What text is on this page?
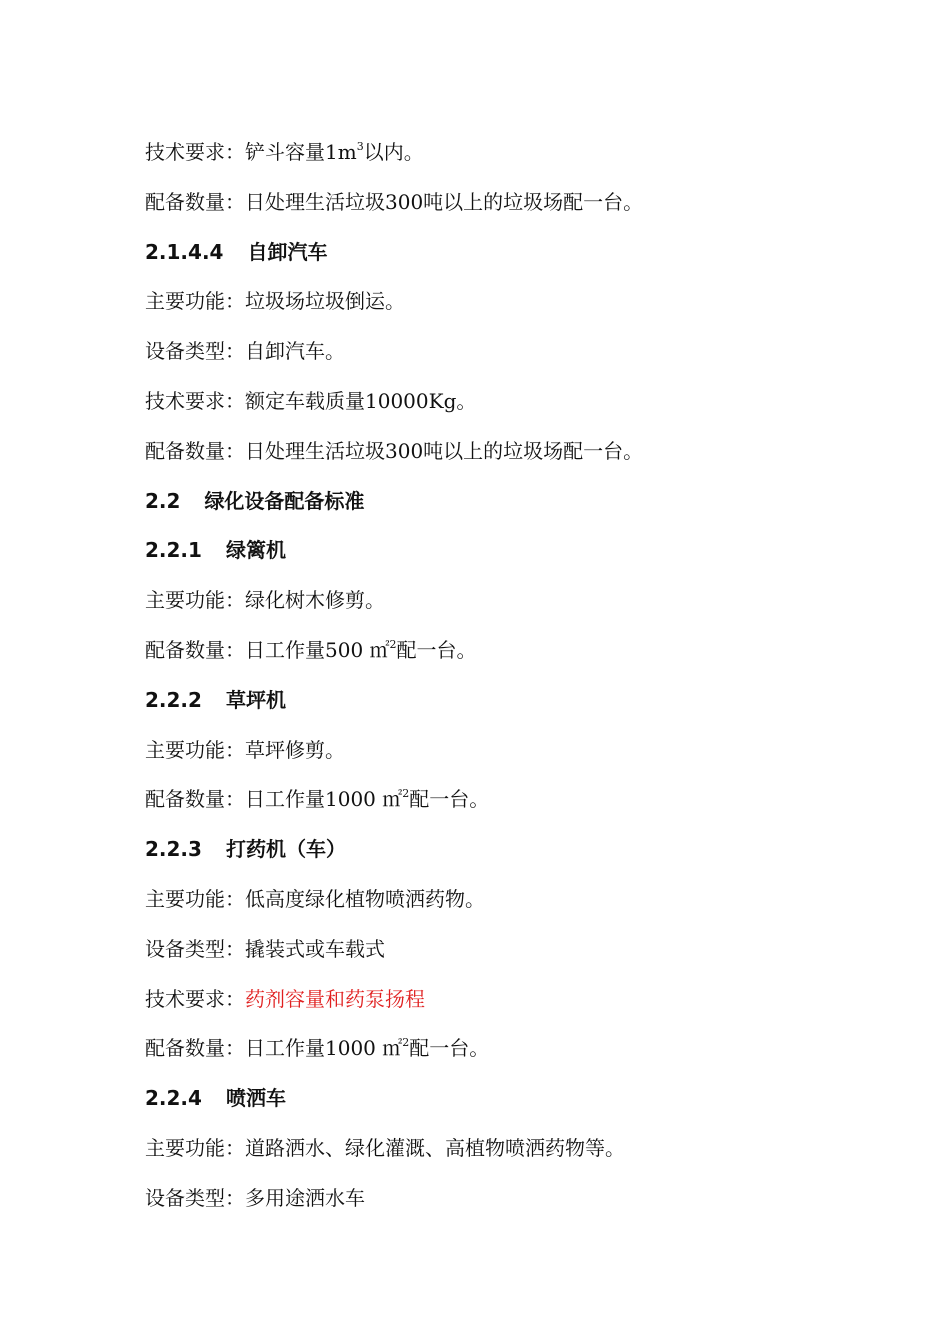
技术要求：铲斗容量$1m^3$以内。
配备数量：日处理生活垃圾300吨以上的垃圾场配一台。
2.1.4.4 自卸汽车
主要功能：垃圾场垃圾倒运。
设备类型：自卸汽车。
技术要求：额定车载质量10000Kg。
配备数量：日处理生活垃圾300吨以上的垃圾场配一台。
2.2 绿化设备配备标准
2.2.1 绿篱机
主要功能：绿化树木修剪。
配备数量：日工作量500 ㎡$^2$配一台。
2.2.2 草坪机
主要功能：草坪修剪。
配备数量：日工作量1000 ㎡$^2$配一台。
2.2.3 打药机（车）
主要功能：低高度绿化植物喷洒药物。
设备类型：撬装式或车载式
技术要求：药剂容量和药泵扬程
配备数量：日工作量1000 ㎡$^2$配一台。
2.2.4 喷洒车
主要功能：道路洒水、绿化灌溉、高植物喷洒药物等。
设备类型：多用途洒水车
